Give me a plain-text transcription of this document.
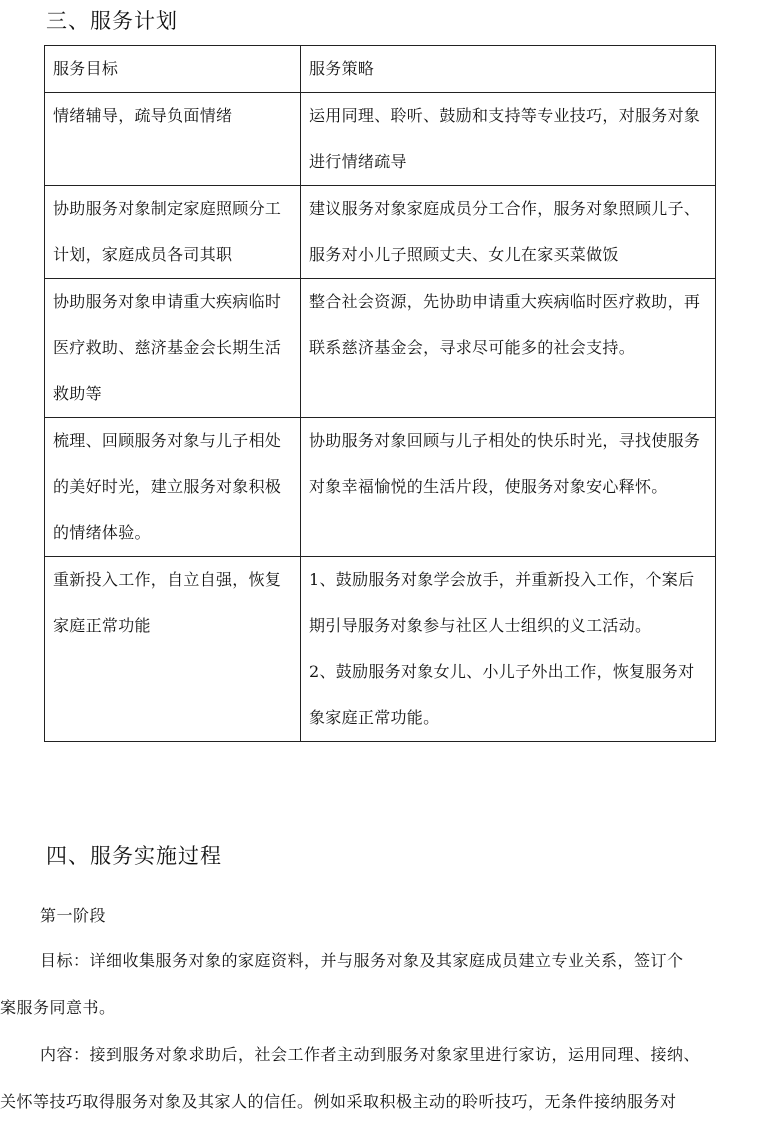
三、服务计划
服务目标	服务策略
情绪辅导，疏导负面情绪	运用同理、聆听、鼓励和支持等专业技巧，对服务对象进行情绪疏导

协助服务对象制定家庭照顾分工计划，家庭成员各司其职	建议服务对象家庭成员分工合作，服务对象照顾儿子、服务对小儿子照顾丈夫、女儿在家买菜做饭

协助服务对象申请重大疾病临时医疗救助、慈济基金会长期生活救助等	整合社会资源，先协助申请重大疾病临时医疗救助，再联系慈济基金会，寻求尽可能多的社会支持。

梳理、回顾服务对象与儿子相处的美好时光，建立服务对象积极的情绪体验。	协助服务对象回顾与儿子相处的快乐时光，寻找使服务对象幸福愉悦的生活片段，使服务对象安心释怀。

重新投入工作，自立自强，恢复家庭正常功能	1、鼓励服务对象学会放手，并重新投入工作，个案后期引导服务对象参与社区人士组织的义工活动。
2、鼓励服务对象女儿、小儿子外出工作，恢复服务对象家庭正常功能。
四、服务实施过程
第一阶段
目标：详细收集服务对象的家庭资料，并与服务对象及其家庭成员建立专业关系，签订个
案服务同意书。
内容：接到服务对象求助后，社会工作者主动到服务对象家里进行家访，运用同理、接纳、
关怀等技巧取得服务对象及其家人的信任。例如采取积极主动的聆听技巧，无条件接纳服务对
